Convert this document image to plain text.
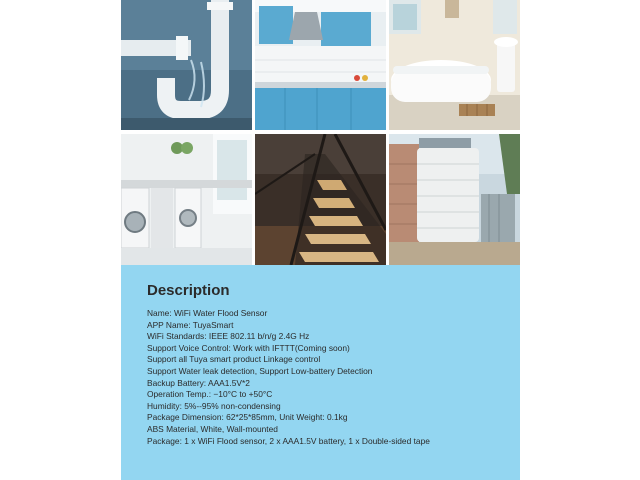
Description
Name: WiFi Water Flood Sensor
APP Name: TuyaSmart
WiFi Standards: IEEE 802.11 b/n/g 2.4G Hz
Support Voice Control: Work with IFTTT(Coming soon)
Support all Tuya smart product Linkage control
Support Water leak detection, Support Low-battery Detection
Backup Battery: AAA1.5V*2
Operation Temp.: −10°C to +50°C
Humidity: 5%--95% non-condensing
Package Dimension: 62*25*85mm, Unit Weight: 0.1kg
ABS Material, White, Wall-mounted
Package: 1 x WiFi Flood sensor, 2 x AAA1.5V battery, 1 x Double-sided tape
